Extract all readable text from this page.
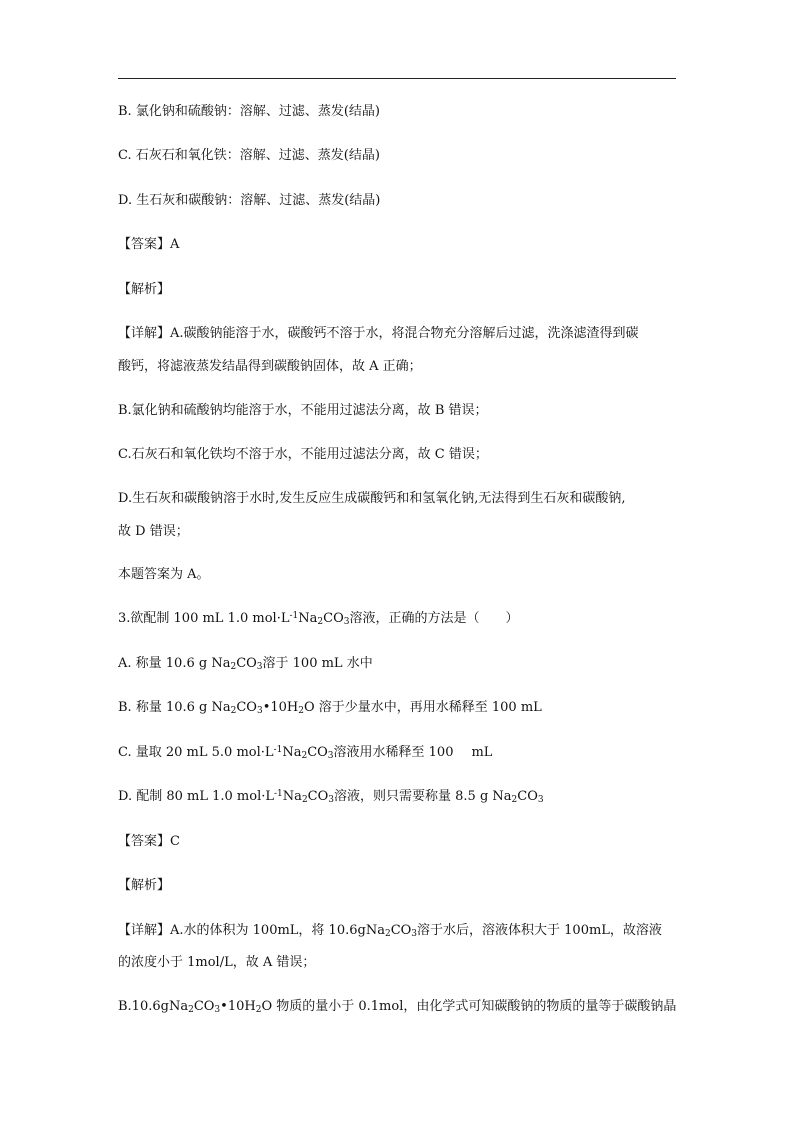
B. 氯化钠和硫酸钠：溶解、过滤、蒸发(结晶)
C. 石灰石和氧化铁：溶解、过滤、蒸发(结晶)
D. 生石灰和碳酸钠：溶解、过滤、蒸发(结晶)
【答案】A
【解析】
【详解】A.碳酸钠能溶于水，碳酸钙不溶于水，将混合物充分溶解后过滤，洗涤滤渣得到碳
酸钙，将滤液蒸发结晶得到碳酸钠固体，故 A 正确；
B.氯化钠和硫酸钠均能溶于水，不能用过滤法分离，故 B 错误；
C.石灰石和氧化铁均不溶于水，不能用过滤法分离，故 C 错误；
D.生石灰和碳酸钠溶于水时,发生反应生成碳酸钙和和氢氧化钠,无法得到生石灰和碳酸钠,
故 D 错误；
本题答案为 A。
3.欲配制 100 mL 1.0 $mol\cdot L^{-1}Na_2CO_3$溶液，正确的方法是（　　）
A. 称量 10.6 g $Na_2CO_3$溶于 100 mL 水中
B. 称量 10.6 g $Na_2CO_3•10H_2O$ 溶于少量水中，再用水稀释至 100 mL
C. 量取 20 mL 5.0 $mol\cdot L^{-1}Na_2CO_3$溶液用水稀释至 100 mL
D. 配制 80 mL 1.0 $mol\cdot L^{-1}Na_2CO_3$溶液，则只需要称量 8.5 g $Na_2CO_3$
【答案】C
【解析】
【详解】A.水的体积为 100mL，将 $10.6gNa_2CO_3$溶于水后，溶液体积大于 100mL，故溶液
的浓度小于 1mol/L，故 A 错误；
$B.10.6gNa_2CO_3•10H_2O$ 物质的量小于 0.1mol，由化学式可知碳酸钠的物质的量等于碳酸钠晶
